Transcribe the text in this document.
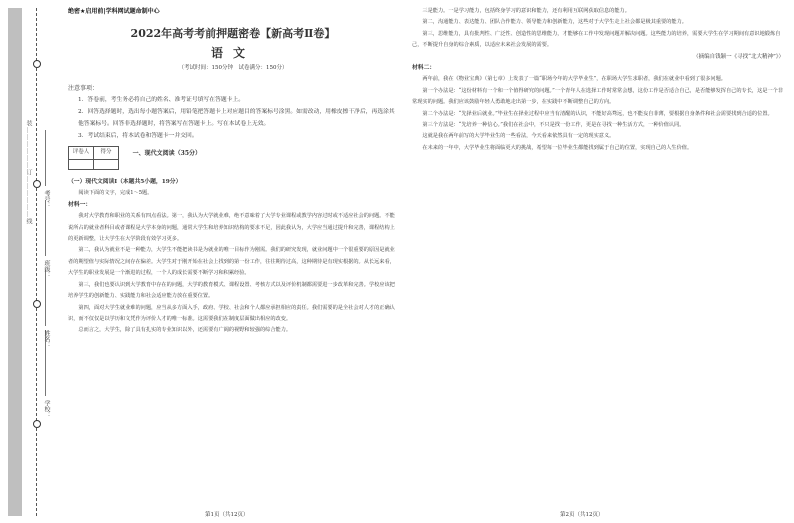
装………………订………………线
学校：
姓名：
班级：
考号：
绝密★启用前|学科网试题命制中心
2022年高考考前押题密卷【新高考Ⅱ卷】
语文
（考试时间：150分钟　试卷满分：150分）
注意事项：

1．答卷前，考生务必将自己的姓名、准考证号填写在答题卡上。

2．回答选择题时，选出每小题答案后，用铅笔把答题卡上对应题目的答案标号涂黑。如需改动，用橡皮擦干净后，再选涂其他答案标号。回答非选择题时，将答案写在答题卡上。写在本试卷上无效。

3．考试结束后，将本试卷和答题卡一并交回。

评卷人	得分
		一、现代文阅读（35分）
（一）现代文阅读Ⅰ（本题共5小题，19分）

阅读下面的文字，完成1～5题。

材料一：

我对大学教育和职业的关系有四点看法。第一，我认为大学就业难，绝不意味着了大学专业课程或教学内容过时或不适应社会的问题。不能说所占的就业者科目或者课程是大学本身的问题，通常大学生和培养知识结构的要求不足，因此我认为，大学应当通过提升和完善，课程结构上的更新调整，让大学生在大学阶段有效学习更多。

第二，我认为就业不是一种能力，大学生不能把读书是为就业的唯一目标作为刚需。我们的研究发现，就业问题中一个很重要的原因是就业者的期望值与实际情况之间存在偏差。大学生对于刚开始在社会上找到的第一份工作，往往期待过高，这种期待是有现实根据的。从长远来看，大学生的职业发展是一个渐进的过程，一个人的成长需要不断学习和积累经验。

第三，我们也要认识到大学教育中存在的问题，大学的教育模式、课程设置、考核方式以及评价机制都需要进一步改革和完善。学校应该把培养学生的创新能力、实践能力和社会适应能力放在重要位置。

第四，面对大学生就业难的问题，应当从多方面入手，政府、学校、社会和个人都应承担相应的责任。我们需要的是全社会对人才的正确认识，而不仅仅是以学历和文凭作为评价人才的唯一标准。这需要我们在制度层面做出相应的改变。

总而言之，大学生，除了具有扎实的专业知识以外，还需要有广阔的视野和较强的综合能力。

第1页（共12页）

三是能力。一是学习能力，包括终身学习的意识和能力，还有利用互联网获取信息的能力。

第二，沟通能力、表达能力、团队合作能力、领导能力和创新能力，这些对于大学生走上社会都是极其重要的能力。

第三，思维能力，具有批判性、广泛性、创造性的思维能力，才能够在工作中发现问题并解决问题。这些能力的培养，需要大学生在学习期间有意识地锻炼自己，不断提升自身的综合素质，以适应未来社会发展的需要。

（摘编自钱颖一《寻找“北大精神”》）
材料二：

两年前，我在《物业宝典》（第七章）上发表了一篇“职场今年的大学毕业生”，在职场大学生求职者，我们在就业中看到了很多问题。

第一个办法是：“这份材料有一个和一个值得研究的问题。”一个青年人在选择工作时常常会想，这份工作是否适合自己，是否能够发挥自己的专长，这是一个非常现实的问题。我们应该鼓励年轻人勇敢地走出第一步，在实践中不断调整自己的方向。

第二个办法是：“先择业后就业。”毕业生在择业过程中应当有清醒的认识，不能好高骛远，也不能妄自菲薄，要根据自身条件和社会需要找到合适的位置。

第三个方法是：“先培养一种信心。”我们在社会中，不只是找一份工作，更是在寻找一种生活方式，一种价值认同。

这就是我在两年前写的大学毕业生的一些看法，今天看来依然具有一定的现实意义。

在未来的一年中，大学毕业生将面临更大的挑战，希望每一位毕业生都能找到属于自己的位置，实现自己的人生价值。

第2页（共12页）
